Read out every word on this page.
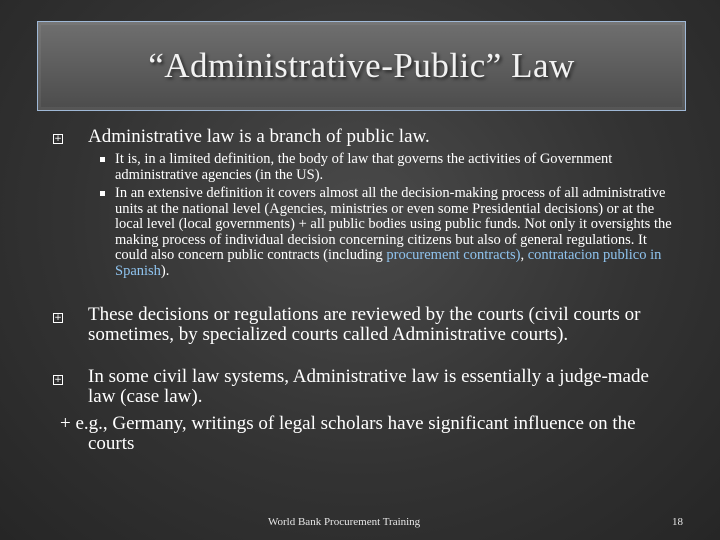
“Administrative-Public” Law
+ Administrative law is a branch of public law.
It is, in a limited definition, the body of law that governs the activities of Government administrative agencies (in the US).
In an extensive definition it covers almost all the decision-making process of all administrative units at the national level (Agencies, ministries or even some Presidential decisions) or at the local level (local governments) + all public bodies using public funds. Not only it oversights the making process of individual decision concerning citizens but also of general regulations. It could also concern public contracts (including procurement contracts), contratacion publico in Spanish).
+ These decisions or regulations are reviewed by the courts (civil courts or sometimes, by specialized courts called Administrative courts).
+ In some civil law systems, Administrative law is essentially a judge-made law (case law).
+ e.g., Germany, writings of legal scholars have significant influence on the courts
World Bank Procurement Training	18
